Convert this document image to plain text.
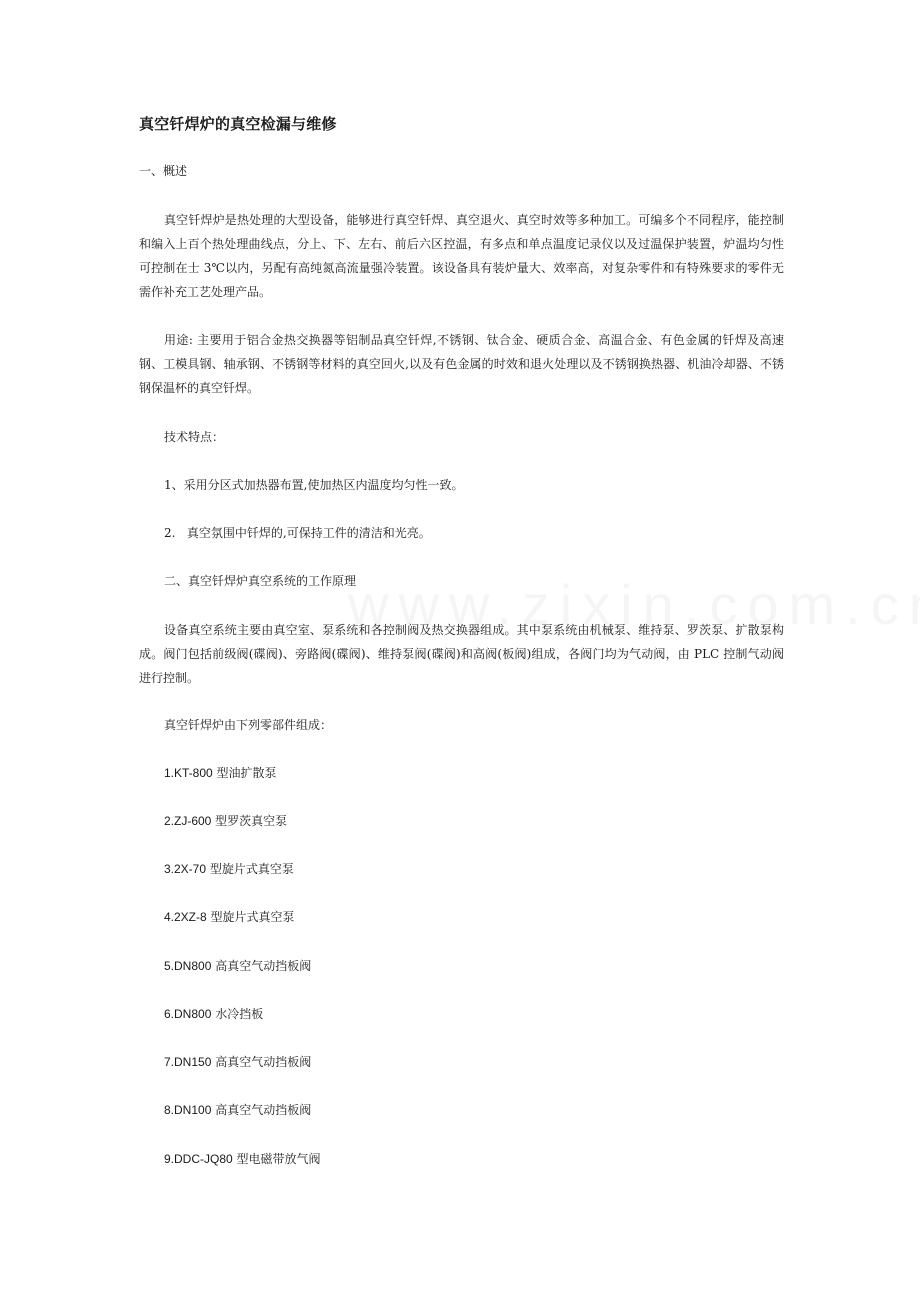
真空钎焊炉的真空检漏与维修
一、概述
真空钎焊炉是热处理的大型设备，能够进行真空钎焊、真空退火、真空时效等多种加工。可编多个不同程序，能控制和编入上百个热处理曲线点，分上、下、左右、前后六区控温，有多点和单点温度记录仪以及过温保护装置，炉温均匀性可控制在士 3℃以内，另配有高纯氮高流量强冷装置。该设备具有装炉量大、效率高，对复杂零件和有特殊要求的零件无需作补充工艺处理产品。
用途: 主要用于铝合金热交换器等铝制品真空钎焊,不锈钢、钛合金、硬质合金、高温合金、有色金属的钎焊及高速钢、工模具钢、轴承钢、不锈钢等材料的真空回火,以及有色金属的时效和退火处理以及不锈钢换热器、机油冷却器、不锈钢保温杯的真空钎焊。
技术特点：
1、采用分区式加热器布置,使加热区内温度均匀性一致。
2.   真空氛围中钎焊的,可保持工件的清洁和光亮。
二、真空钎焊炉真空系统的工作原理
设备真空系统主要由真空室、泵系统和各控制阀及热交换器组成。其中泵系统由机械泵、维持泵、罗茨泵、扩散泵构成。阀门包括前级阀(碟阀)、旁路阀(碟阀)、维持泵阀(碟阀)和高阀(板阀)组成，各阀门均为气动阀，由 PLC 控制气动阀进行控制。
真空钎焊炉由下列零部件组成：
1.KT-800 型油扩散泵
2.ZJ-600 型罗茨真空泵
3.2X-70 型旋片式真空泵
4.2XZ-8 型旋片式真空泵
5.DN800 高真空气动挡板阀
6.DN800 水冷挡板
7.DN150 高真空气动挡板阀
8.DN100 高真空气动挡板阀
9.DDC-JQ80 型电磁带放气阀
